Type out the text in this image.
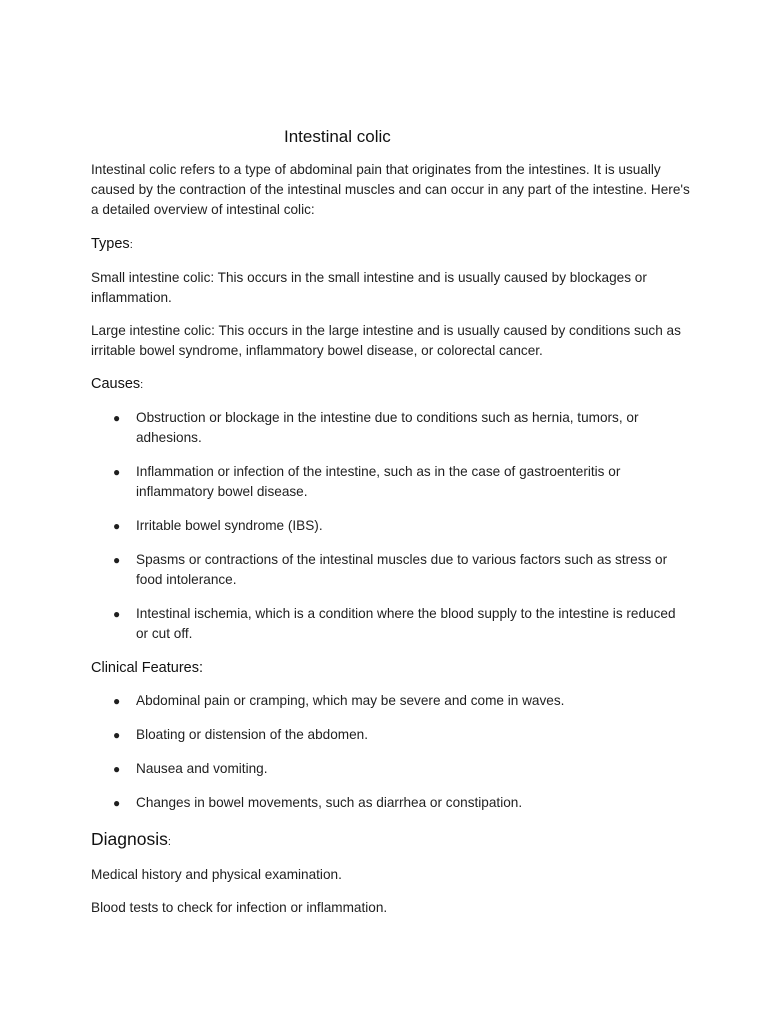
Intestinal colic

Intestinal colic refers to a type of abdominal pain that originates from the intestines. It is usually caused by the contraction of the intestinal muscles and can occur in any part of the intestine. Here's a detailed overview of intestinal colic:

Types:

Small intestine colic: This occurs in the small intestine and is usually caused by blockages or inflammation.

Large intestine colic: This occurs in the large intestine and is usually caused by conditions such as irritable bowel syndrome, inflammatory bowel disease, or colorectal cancer.

Causes:
● Obstruction or blockage in the intestine due to conditions such as hernia, tumors, or adhesions.
● Inflammation or infection of the intestine, such as in the case of gastroenteritis or inflammatory bowel disease.
● Irritable bowel syndrome (IBS).
● Spasms or contractions of the intestinal muscles due to various factors such as stress or food intolerance.
● Intestinal ischemia, which is a condition where the blood supply to the intestine is reduced or cut off.
Clinical Features:
● Abdominal pain or cramping, which may be severe and come in waves.
● Bloating or distension of the abdomen.
● Nausea and vomiting.
● Changes in bowel movements, such as diarrhea or constipation.
Diagnosis:

Medical history and physical examination.

Blood tests to check for infection or inflammation.
